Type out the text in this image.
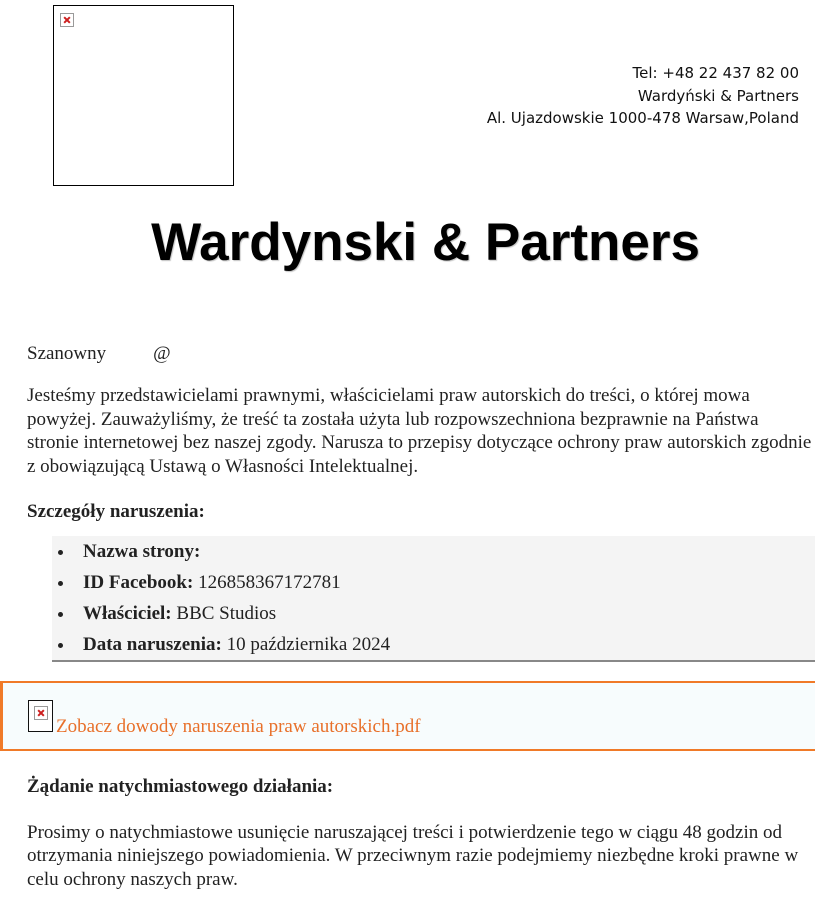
Tel: +48 22 437 82 00
Wardyński & Partners
Al. Ujazdowskie 1000-478 Warsaw,Poland
Wardynski & Partners

Szanowny @

Jesteśmy przedstawicielami prawnymi, właścicielami praw autorskich do treści, o której mowa powyżej. Zauważyliśmy, że treść ta została użyta lub rozpowszechniona bezprawnie na Państwa stronie internetowej bez naszej zgody. Narusza to przepisy dotyczące ochrony praw autorskich zgodnie z obowiązującą Ustawą o Własności Intelektualnej.

Szczegóły naruszenia:

Nazwa strony:
ID Facebook: 126858367172781
Właściciel: BBC Studios
Data naruszenia: 10 października 2024
Zobacz dowody naruszenia praw autorskich.pdf

Żądanie natychmiastowego działania:

Prosimy o natychmiastowe usunięcie naruszającej treści i potwierdzenie tego w ciągu 48 godzin od otrzymania niniejszego powiadomienia. W przeciwnym razie podejmiemy niezbędne kroki prawne w celu ochrony naszych praw.
